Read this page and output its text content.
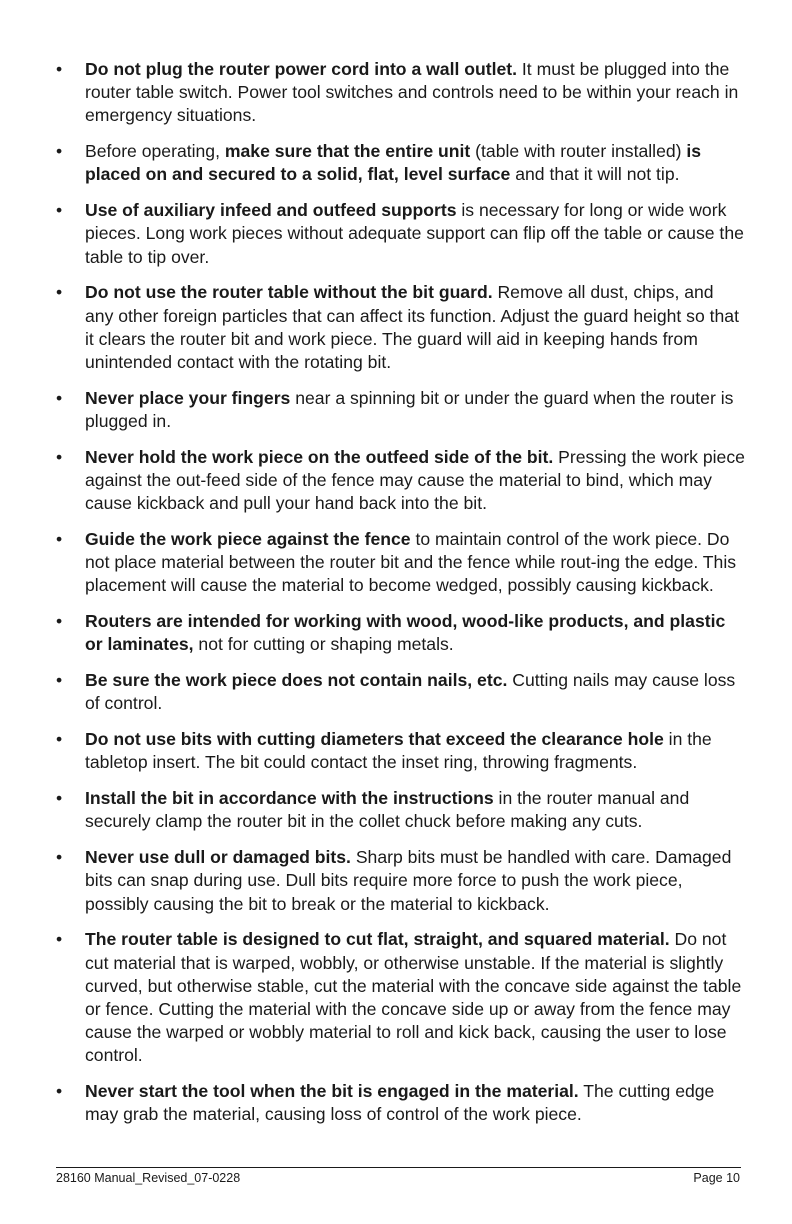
• Do not plug the router power cord into a wall outlet. It must be plugged into the router table switch. Power tool switches and controls need to be within your reach in emergency situations.
• Before operating, make sure that the entire unit (table with router installed) is placed on and secured to a solid, flat, level surface and that it will not tip.
• Use of auxiliary infeed and outfeed supports is necessary for long or wide work pieces. Long work pieces without adequate support can flip off the table or cause the table to tip over.
• Do not use the router table without the bit guard. Remove all dust, chips, and any other foreign particles that can affect its function. Adjust the guard height so that it clears the router bit and work piece. The guard will aid in keeping hands from unintended contact with the rotating bit.
• Never place your fingers near a spinning bit or under the guard when the router is plugged in.
• Never hold the work piece on the outfeed side of the bit. Pressing the work piece against the out-feed side of the fence may cause the material to bind, which may cause kickback and pull your hand back into the bit.
• Guide the work piece against the fence to maintain control of the work piece. Do not place material between the router bit and the fence while rout-ing the edge. This placement will cause the material to become wedged, possibly causing kickback.
• Routers are intended for working with wood, wood-like products, and plastic or laminates, not for cutting or shaping metals.
• Be sure the work piece does not contain nails, etc. Cutting nails may cause loss of control.
• Do not use bits with cutting diameters that exceed the clearance hole in the tabletop insert. The bit could contact the inset ring, throwing fragments.
• Install the bit in accordance with the instructions in the router manual and securely clamp the router bit in the collet chuck before making any cuts.
• Never use dull or damaged bits. Sharp bits must be handled with care. Damaged bits can snap during use. Dull bits require more force to push the work piece, possibly causing the bit to break or the material to kickback.
• The router table is designed to cut flat, straight, and squared material. Do not cut material that is warped, wobbly, or otherwise unstable. If the material is slightly curved, but otherwise stable, cut the material with the concave side against the table or fence. Cutting the material with the concave side up or away from the fence may cause the warped or wobbly material to roll and kick back, causing the user to lose control.
• Never start the tool when the bit is engaged in the material. The cutting edge may grab the material, causing loss of control of the work piece.
28160 Manual_Revised_07-0228	Page 10
